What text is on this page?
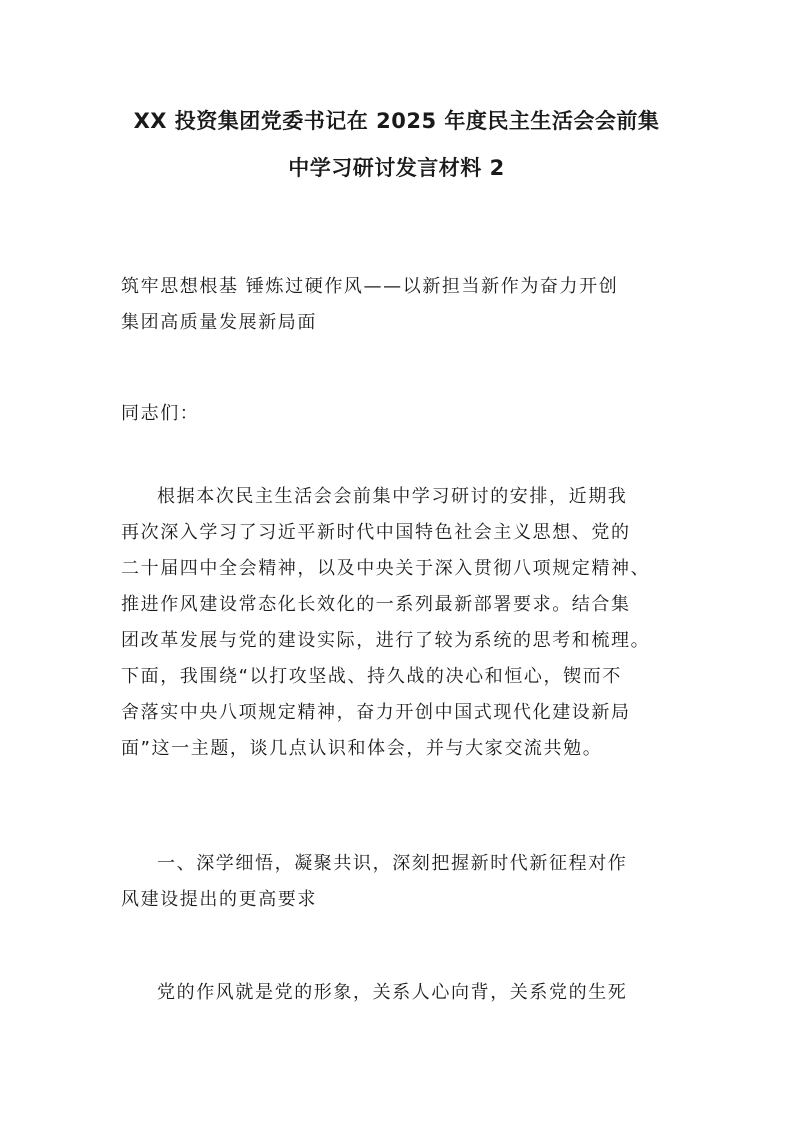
XX 投资集团党委书记在 2025 年度民主生活会会前集
中学习研讨发言材料 2

筑牢思想根基 锤炼过硬作风——以新担当新作为奋力开创
集团高质量发展新局面

同志们：

根据本次民主生活会会前集中学习研讨的安排，近期我
再次深入学习了习近平新时代中国特色社会主义思想、党的
二十届四中全会精神，以及中央关于深入贯彻八项规定精神、
推进作风建设常态化长效化的一系列最新部署要求。结合集
团改革发展与党的建设实际，进行了较为系统的思考和梳理。
下面，我围绕“以打攻坚战、持久战的决心和恒心，锲而不
舍落实中央八项规定精神，奋力开创中国式现代化建设新局
面”这一主题，谈几点认识和体会，并与大家交流共勉。

一、深学细悟，凝聚共识，深刻把握新时代新征程对作
风建设提出的更高要求

党的作风就是党的形象，关系人心向背，关系党的生死
